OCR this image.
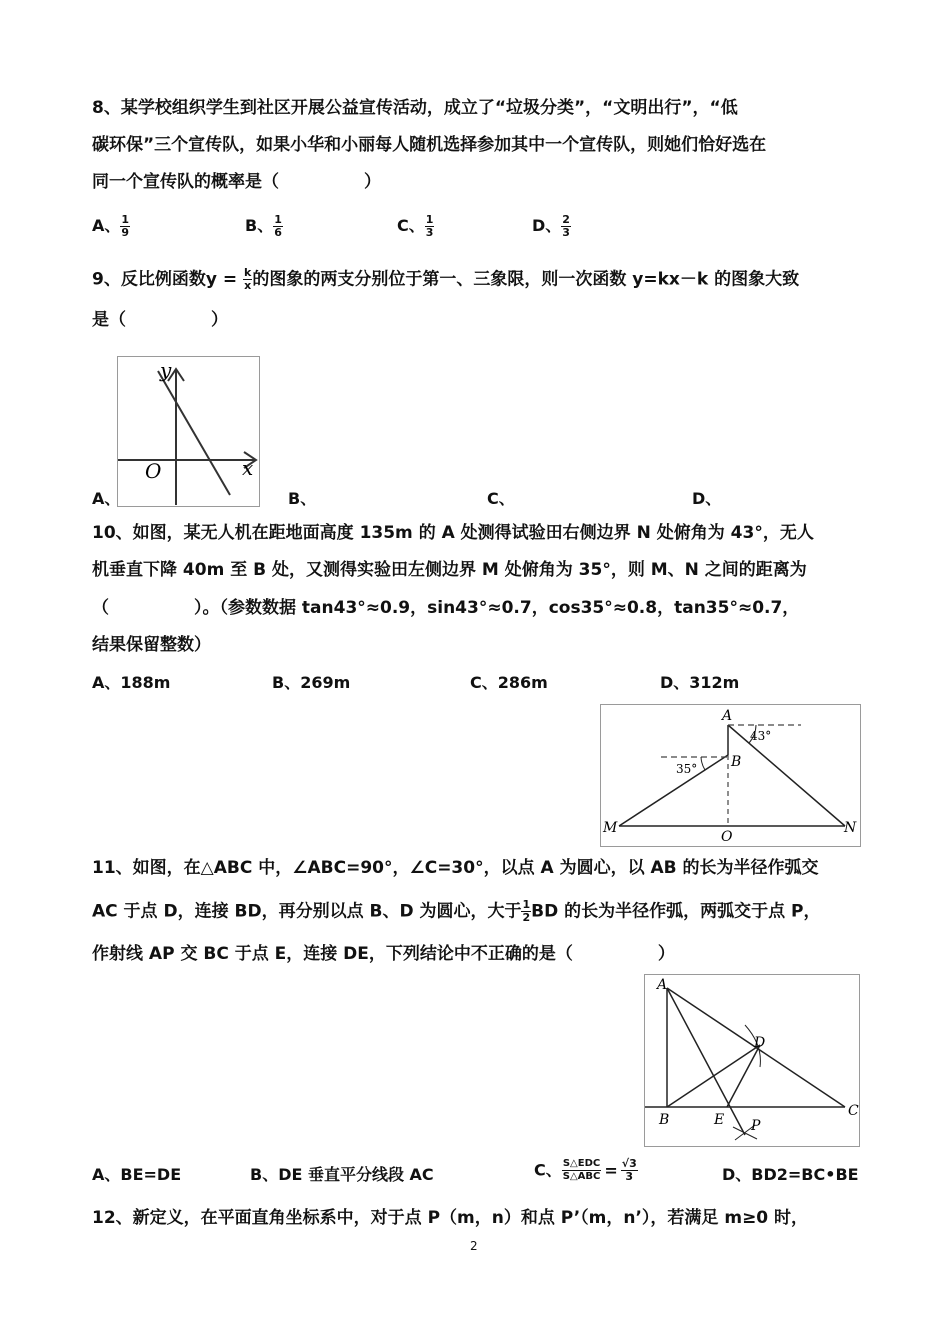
8、某学校组织学生到社区开展公益宣传活动，成立了“垃圾分类”，“文明出行”，“低
碳环保”三个宣传队，如果小华和小丽每人随机选择参加其中一个宣传队，则她们恰好选在
同一个宣传队的概率是（　　　　　）
A、 $\frac{1}{9}$	B、 $\frac{1}{6}$	C、 $\frac{1}{3}$	D、 $\frac{2}{3}$
9、反比例函数$y = \frac{k}{x}$ 的图象的两支分别位于第一、三象限，则一次函数 y=kx－k 的图象大致
是（　　　　　）
y
x
O
A、	B、	C、	D、
10、如图，某无人机在距地面高度 135m 的 A 处测得试验田右侧边界 N 处俯角为 43°，无人
机垂直下降 40m 至 B 处，又测得实验田左侧边界 M 处俯角为 35°，则 M、N 之间的距离为
（　　　　　）。（参数数据 tan43°≈0.9，sin43°≈0.7，cos35°≈0.8，tan35°≈0.7，
结果保留整数）
A、188m	B、269m	C、286m	D、312m
A
B
M	N
O
43°
35°
11、如图，在△ABC 中，∠ABC=90°，∠C=30°，以点 A 为圆心，以 AB 的长为半径作弧交
AC 于点 D，连接 BD，再分别以点 B、D 为圆心，大于 $\frac{1}{2}$ BD 的长为半径作弧，两弧交于点 P，
作射线 AP 交 BC 于点 E，连接 DE，下列结论中不正确的是（　　　　　）
A
B
C
D
E P
A、BE=DE	B、DE 垂直平分线段 AC	C、 $\frac{\text{S△EDC}}{\text{S△ABC}} = \frac{√3}{3}$	D、BD2=BC•BE
12、新定义，在平面直角坐标系中，对于点 P（m，n）和点 P’（m，n’），若满足 m≥0 时，
2
